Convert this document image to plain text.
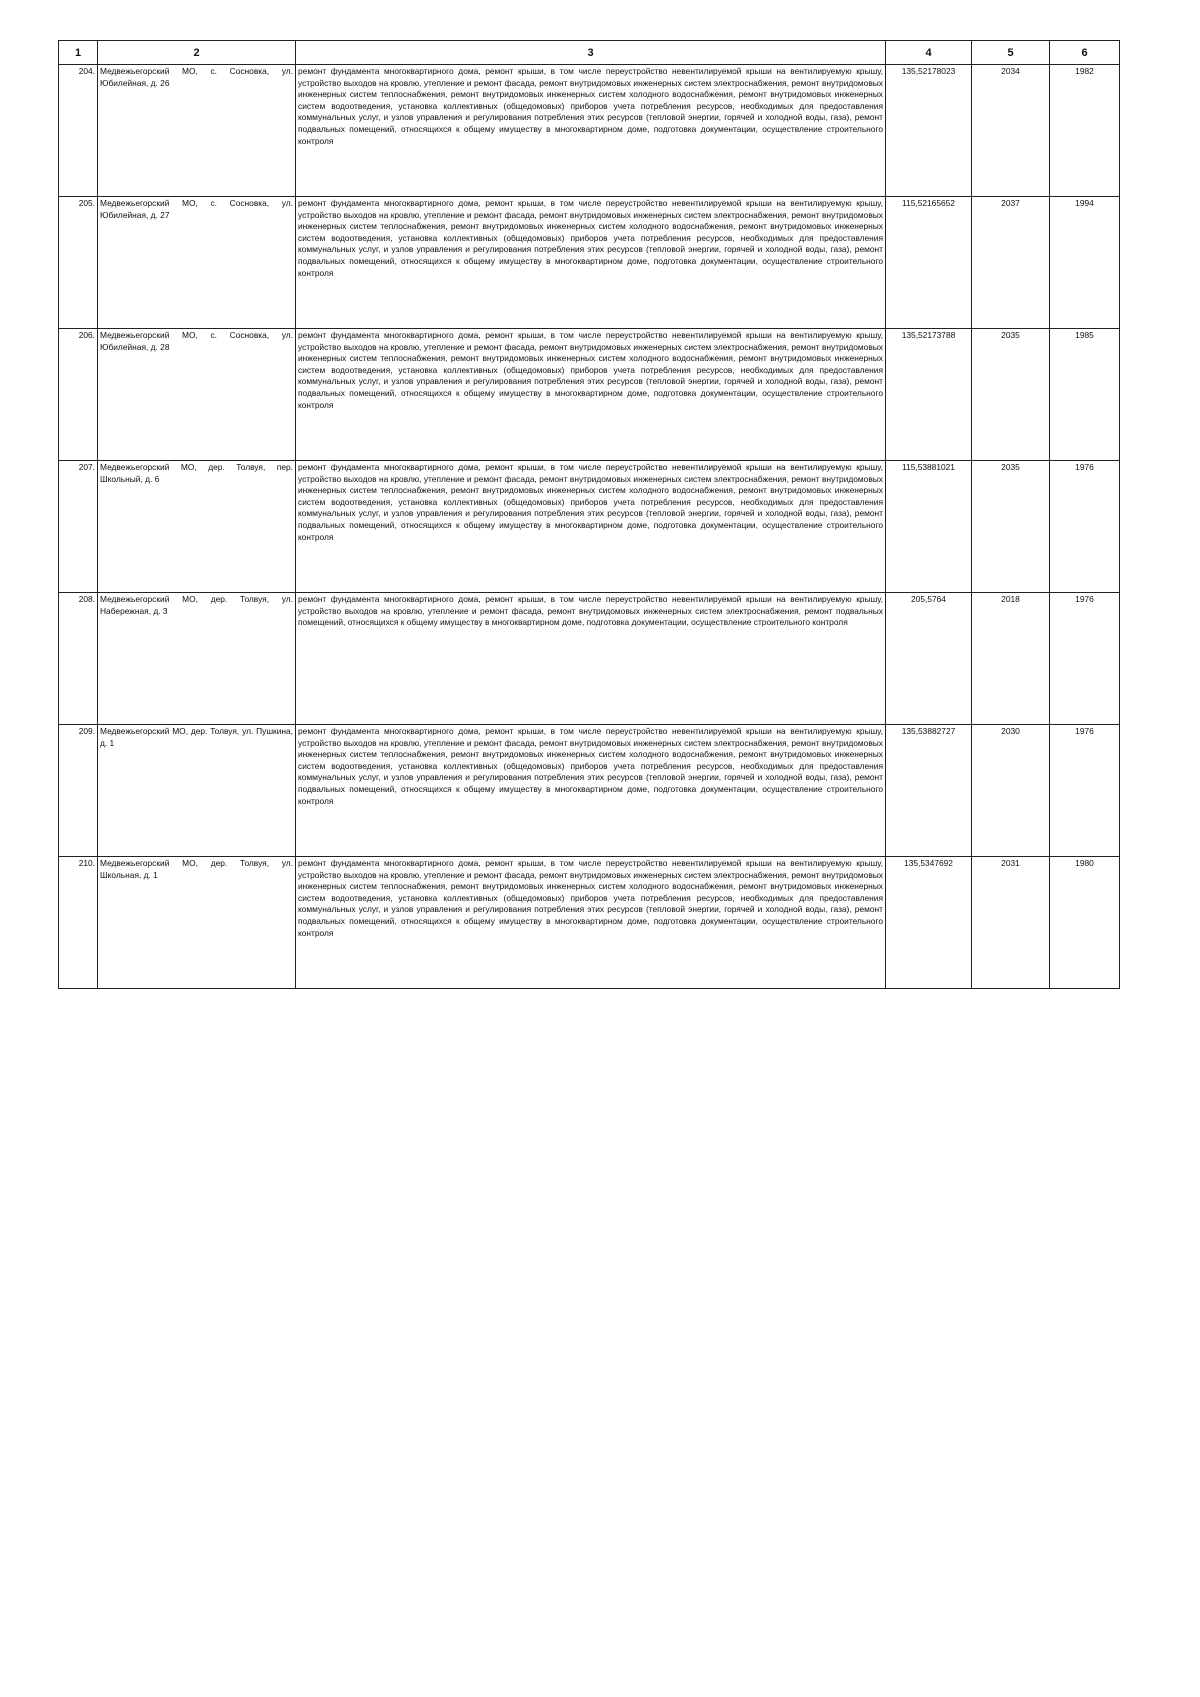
1	2	3	4	5	6
204.	Медвежьегорский МО, с. Сосновка, ул. Юбилейная, д. 26	ремонт фундамента многоквартирного дома, ремонт крыши, в том числе переустройство невентилируемой крыши на вентилируемую крышу, устройство выходов на кровлю, утепление и ремонт фасада, ремонт внутридомовых инженерных систем электроснабжения, ремонт внутридомовых инженерных систем теплоснабжения, ремонт внутридомовых инженерных систем холодного водоснабжения, ремонт внутридомовых инженерных систем водоотведения, установка коллективных (общедомовых) приборов учета потребления ресурсов, необходимых для предоставления коммунальных услуг, и узлов управления и регулирования потребления этих ресурсов (тепловой энергии, горячей и холодной воды, газа), ремонт подвальных помещений, относящихся к общему имуществу в многоквартирном доме, подготовка документации, осуществление строительного контроля	135,52178023	2034	1982
205.	Медвежьегорский МО, с. Сосновка, ул. Юбилейная, д. 27	ремонт фундамента многоквартирного дома, ремонт крыши, в том числе переустройство невентилируемой крыши на вентилируемую крышу, устройство выходов на кровлю, утепление и ремонт фасада, ремонт внутридомовых инженерных систем электроснабжения, ремонт внутридомовых инженерных систем теплоснабжения, ремонт внутридомовых инженерных систем холодного водоснабжения, ремонт внутридомовых инженерных систем водоотведения, установка коллективных (общедомовых) приборов учета потребления ресурсов, необходимых для предоставления коммунальных услуг, и узлов управления и регулирования потребления этих ресурсов (тепловой энергии, горячей и холодной воды, газа), ремонт подвальных помещений, относящихся к общему имуществу в многоквартирном доме, подготовка документации, осуществление строительного контроля	115,52165652	2037	1994
206.	Медвежьегорский МО, с. Сосновка, ул. Юбилейная, д. 28	ремонт фундамента многоквартирного дома, ремонт крыши, в том числе переустройство невентилируемой крыши на вентилируемую крышу, устройство выходов на кровлю, утепление и ремонт фасада, ремонт внутридомовых инженерных систем электроснабжения, ремонт внутридомовых инженерных систем теплоснабжения, ремонт внутридомовых инженерных систем холодного водоснабжения, ремонт внутридомовых инженерных систем водоотведения, установка коллективных (общедомовых) приборов учета потребления ресурсов, необходимых для предоставления коммунальных услуг, и узлов управления и регулирования потребления этих ресурсов (тепловой энергии, горячей и холодной воды, газа), ремонт подвальных помещений, относящихся к общему имуществу в многоквартирном доме, подготовка документации, осуществление строительного контроля	135,52173788	2035	1985
207.	Медвежьегорский МО, дер. Толвуя, пер. Школьный, д. 6	ремонт фундамента многоквартирного дома, ремонт крыши, в том числе переустройство невентилируемой крыши на вентилируемую крышу, устройство выходов на кровлю, утепление и ремонт фасада, ремонт внутридомовых инженерных систем электроснабжения, ремонт внутридомовых инженерных систем теплоснабжения, ремонт внутридомовых инженерных систем холодного водоснабжения, ремонт внутридомовых инженерных систем водоотведения, установка коллективных (общедомовых) приборов учета потребления ресурсов, необходимых для предоставления коммунальных услуг, и узлов управления и регулирования потребления этих ресурсов (тепловой энергии, горячей и холодной воды, газа), ремонт подвальных помещений, относящихся к общему имуществу в многоквартирном доме, подготовка документации, осуществление строительного контроля	115,53881021	2035	1976
208.	Медвежьегорский МО, дер. Толвуя, ул. Набережная, д. 3	ремонт фундамента многоквартирного дома, ремонт крыши, в том числе переустройство невентилируемой крыши на вентилируемую крышу, устройство выходов на кровлю, утепление и ремонт фасада, ремонт внутридомовых инженерных систем электроснабжения, ремонт подвальных помещений, относящихся к общему имуществу в многоквартирном доме, подготовка документации, осуществление строительного контроля	205,5764	2018	1976
209.	Медвежьегорский МО, дер. Толвуя, ул. Пушкина, д. 1	ремонт фундамента многоквартирного дома, ремонт крыши, в том числе переустройство невентилируемой крыши на вентилируемую крышу, устройство выходов на кровлю, утепление и ремонт фасада, ремонт внутридомовых инженерных систем электроснабжения, ремонт внутридомовых инженерных систем теплоснабжения, ремонт внутридомовых инженерных систем холодного водоснабжения, ремонт внутридомовых инженерных систем водоотведения, установка коллективных (общедомовых) приборов учета потребления ресурсов, необходимых для предоставления коммунальных услуг, и узлов управления и регулирования потребления этих ресурсов (тепловой энергии, горячей и холодной воды, газа), ремонт подвальных помещений, относящихся к общему имуществу в многоквартирном доме, подготовка документации, осуществление строительного контроля	135,53882727	2030	1976
210.	Медвежьегорский МО, дер. Толвуя, ул. Школьная, д. 1	ремонт фундамента многоквартирного дома, ремонт крыши, в том числе переустройство невентилируемой крыши на вентилируемую крышу, устройство выходов на кровлю, утепление и ремонт фасада, ремонт внутридомовых инженерных систем электроснабжения, ремонт внутридомовых инженерных систем теплоснабжения, ремонт внутридомовых инженерных систем холодного водоснабжения, ремонт внутридомовых инженерных систем водоотведения, установка коллективных (общедомовых) приборов учета потребления ресурсов, необходимых для предоставления коммунальных услуг, и узлов управления и регулирования потребления этих ресурсов (тепловой энергии, горячей и холодной воды, газа), ремонт подвальных помещений, относящихся к общему имуществу в многоквартирном доме, подготовка документации, осуществление строительного контроля	135,5347692	2031	1980
